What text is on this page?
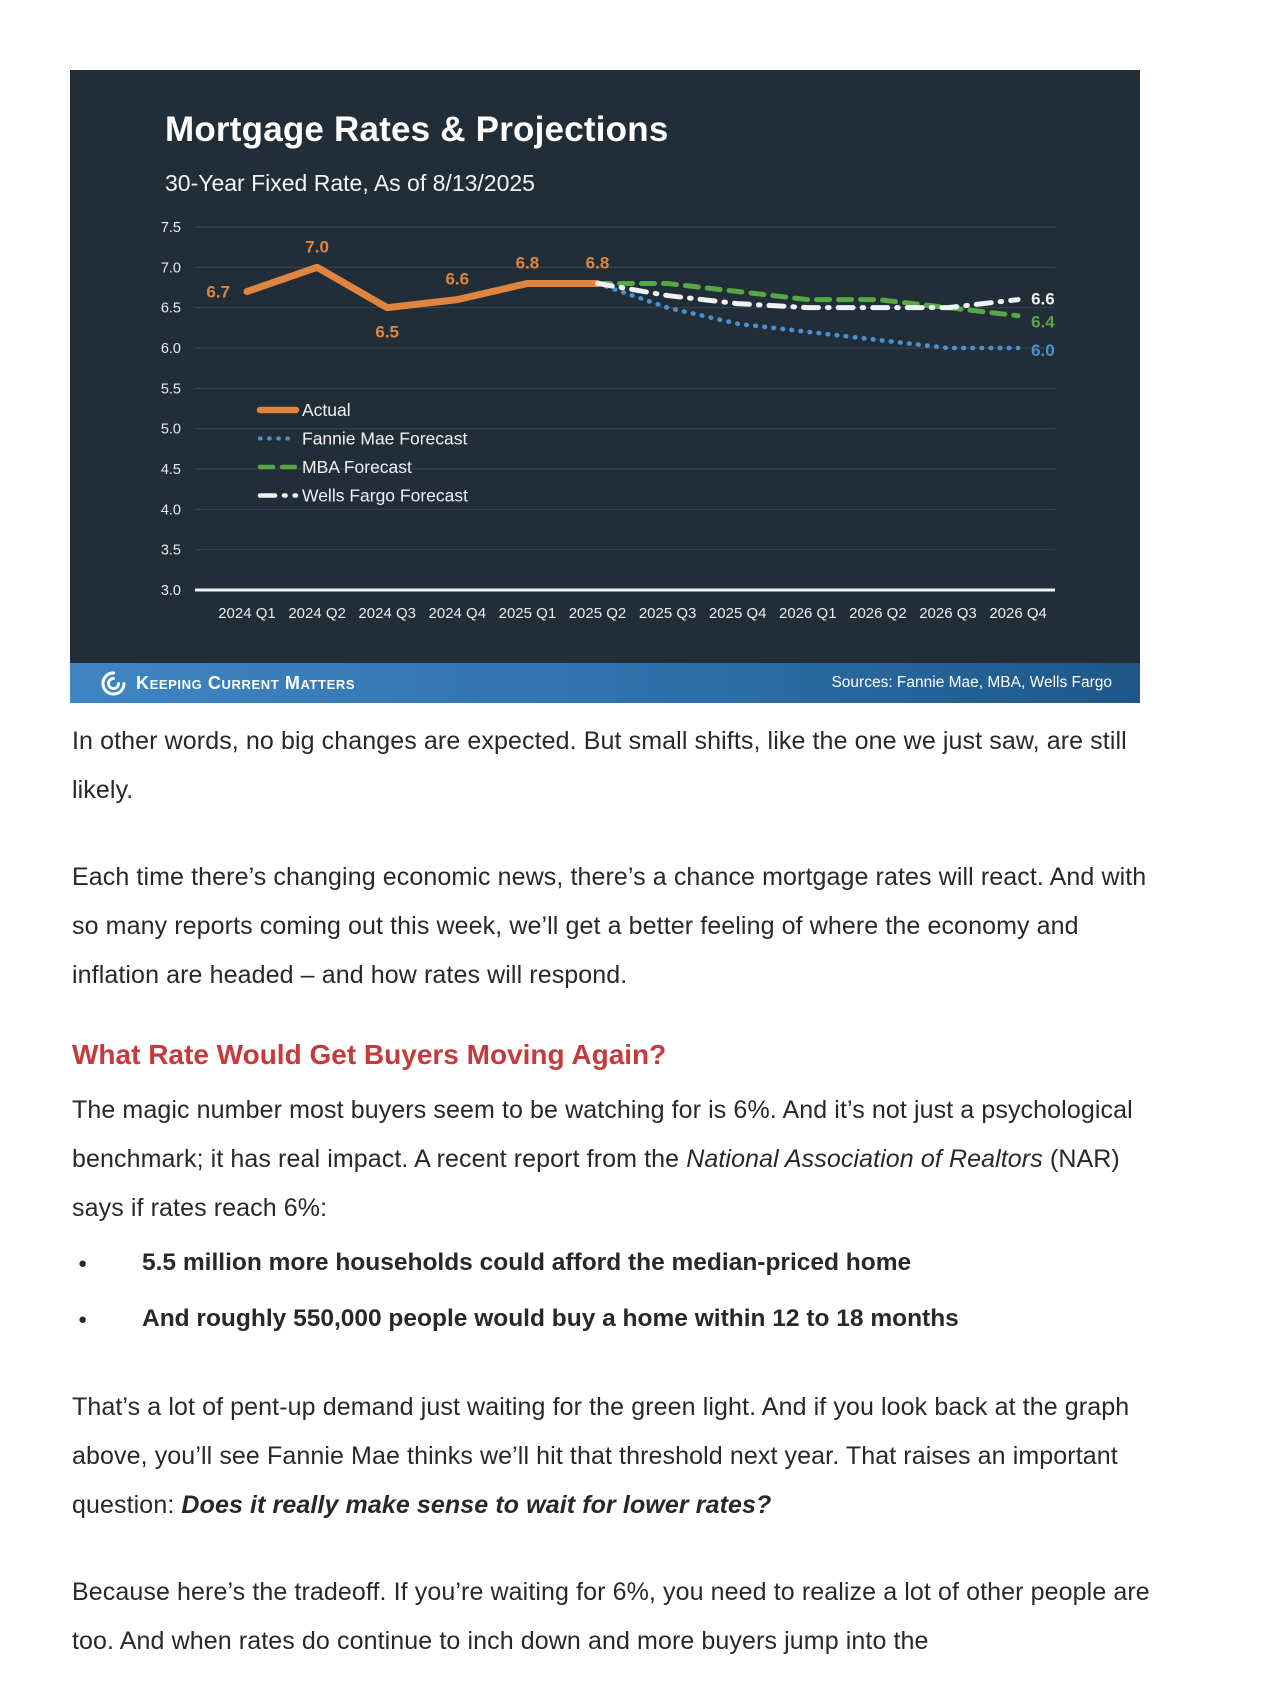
7.5
7.0
6.5
6.0
5.5
5.0
4.5
4.0
3.5
3.0
2024 Q1 2024 Q2 2024 Q3 2024 Q4 2025 Q1 2025 Q2 2025 Q3 2025 Q4 2026 Q1 2026 Q2 2026 Q3 2026 Q4
6.7
7.0
6.5
6.6
6.8	6.8
6.0
6.4
6.6
Actual
Fannie Mae Forecast
MBA Forecast
Wells Fargo Forecast
Mortgage Rates & Projections
30-Year Fixed Rate, As of 8/13/2025
Keeping Current Matters	Sources: Fannie Mae, MBA, Wells Fargo

In other words, no big changes are expected. But small shifts, like the one we just saw, are still likely.

Each time there’s changing economic news, there’s a chance mortgage rates will react. And with so many reports coming out this week, we’ll get a better feeling of where the economy and inflation are headed – and how rates will respond.

What Rate Would Get Buyers Moving Again?

The magic number most buyers seem to be watching for is 6%. And it’s not just a psychological benchmark; it has real impact. A recent report from the National Association of Realtors (NAR) says if rates reach 6%:

● 5.5 million more households could afford the median-priced home
● And roughly 550,000 people would buy a home within 12 to 18 months

That’s a lot of pent-up demand just waiting for the green light. And if you look back at the graph above, you’ll see Fannie Mae thinks we’ll hit that threshold next year. That raises an important question: Does it really make sense to wait for lower rates?

Because here’s the tradeoff. If you’re waiting for 6%, you need to realize a lot of other people are too. And when rates do continue to inch down and more buyers jump into the
